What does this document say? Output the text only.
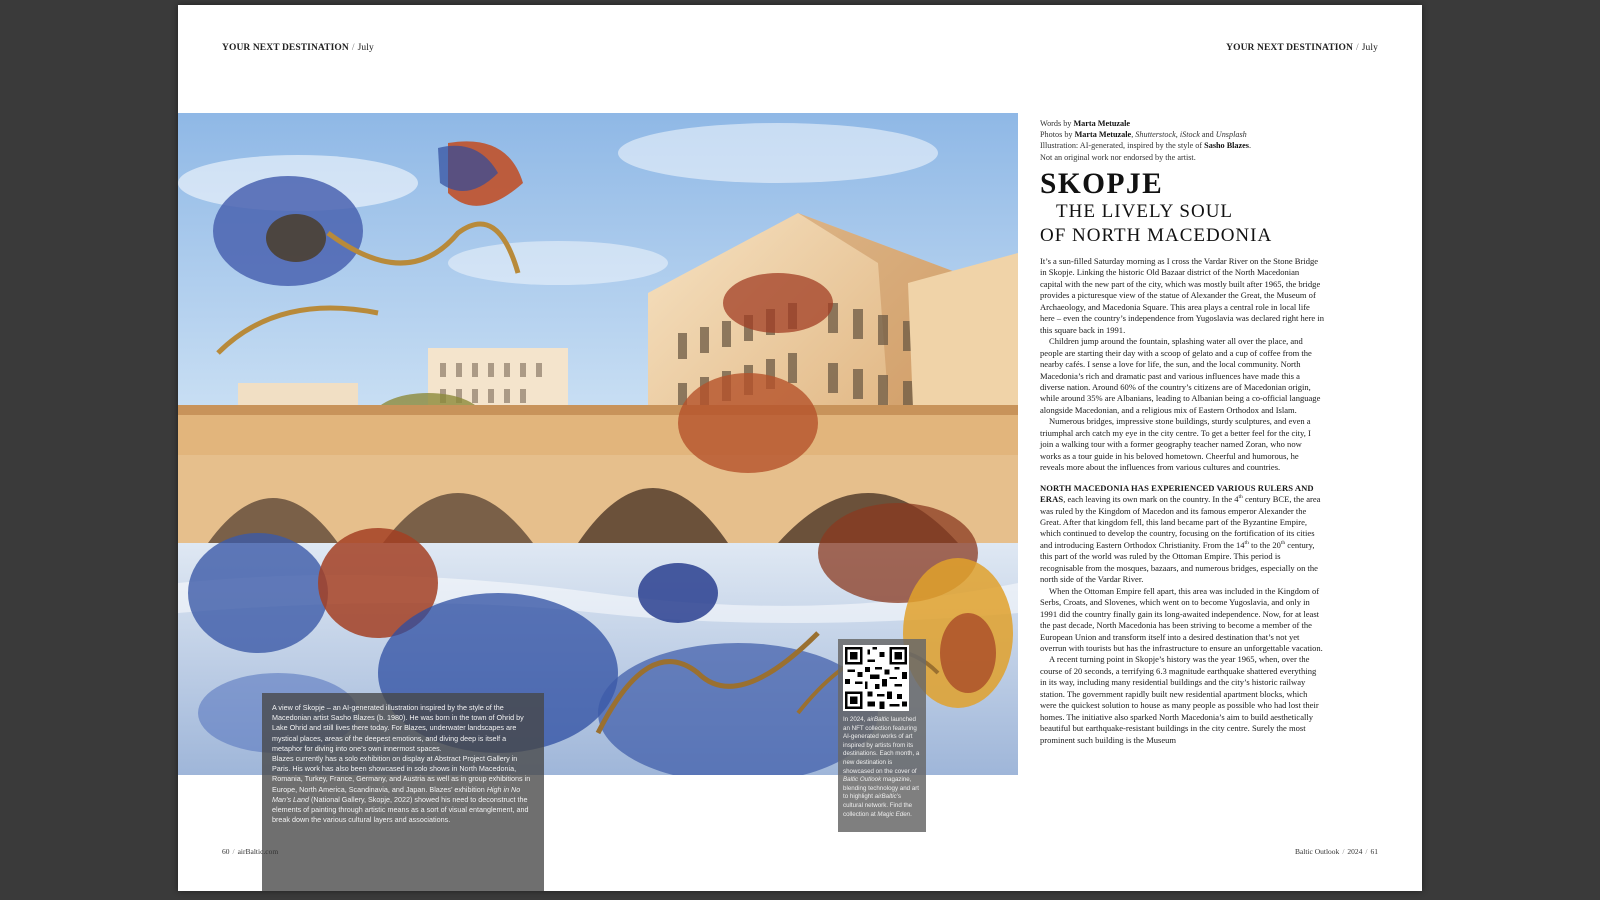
YOUR NEXT DESTINATION / July	YOUR NEXT DESTINATION / July

A view of Skopje – an AI-generated illustration inspired by the style of the Macedonian artist Sasho Blazes (b. 1980). He was born in the town of Ohrid by Lake Ohrid and still lives there today. For Blazes, underwater landscapes are mystical places, areas of the deepest emotions, and diving deep is itself a metaphor for diving into one’s own innermost spaces.

Blazes currently has a solo exhibition on display at Abstract Project Gallery in Paris. His work has also been showcased in solo shows in North Macedonia, Romania, Turkey, France, Germany, and Austria as well as in group exhibitions in Europe, North America, Scandinavia, and Japan. Blazes’ exhibition High in No Man’s Land (National Gallery, Skopje, 2022) showed his need to deconstruct the elements of painting through artistic means as a sort of visual entanglement, and break down the various cultural layers and associations.

In 2024, airBaltic launched an NFT collection featuring AI-generated works of art inspired by artists from its destinations. Each month, a new destination is showcased on the cover of Baltic Outlook magazine, blending technology and art to highlight airBaltic’s cultural network. Find the collection at Magic Eden.
60 / airBaltic.com	Baltic Outlook / 2024 / 61
Words by Marta Metuzale
Photos by Marta Metuzale, Shutterstock, iStock and Unsplash
Illustration: AI-generated, inspired by the style of Sasho Blazes.
Not an original work nor endorsed by the artist.
SKOPJE
THE LIVELY SOUL
OF NORTH MACEDONIA

It’s a sun-filled Saturday morning as I cross the Vardar River on the Stone Bridge in Skopje. Linking the historic Old Bazaar district of the North Macedonian capital with the new part of the city, which was mostly built after 1965, the bridge provides a picturesque view of the statue of Alexander the Great, the Museum of Archaeology, and Macedonia Square. This area plays a central role in local life here – even the country’s independence from Yugoslavia was declared right here in this square back in 1991.

Children jump around the fountain, splashing water all over the place, and people are starting their day with a scoop of gelato and a cup of coffee from the nearby cafés. I sense a love for life, the sun, and the local community. North Macedonia’s rich and dramatic past and various influences have made this a diverse nation. Around 60% of the country’s citizens are of Macedonian origin, while around 35% are Albanians, leading to Albanian being a co-official language alongside Macedonian, and a religious mix of Eastern Orthodox and Islam.

Numerous bridges, impressive stone buildings, sturdy sculptures, and even a triumphal arch catch my eye in the city centre. To get a better feel for the city, I join a walking tour with a former geography teacher named Zoran, who now works as a tour guide in his beloved hometown. Cheerful and humorous, he reveals more about the influences from various cultures and countries.

NORTH MACEDONIA HAS EXPERIENCED VARIOUS RULERS AND ERAS, each leaving its own mark on the country. In the 4th century BCE, the area was ruled by the Kingdom of Macedon and its famous emperor Alexander the Great. After that kingdom fell, this land became part of the Byzantine Empire, which continued to develop the country, focusing on the fortification of its cities and introducing Eastern Orthodox Christianity. From the 14th to the 20th century, this part of the world was ruled by the Ottoman Empire. This period is recognisable from the mosques, bazaars, and numerous bridges, especially on the north side of the Vardar River.

When the Ottoman Empire fell apart, this area was included in the Kingdom of Serbs, Croats, and Slovenes, which went on to become Yugoslavia, and only in 1991 did the country finally gain its long-awaited independence. Now, for at least the past decade, North Macedonia has been striving to become a member of the European Union and transform itself into a desired destination that’s not yet overrun with tourists but has the infrastructure to ensure an unforgettable vacation.

A recent turning point in Skopje’s history was the year 1965, when, over the course of 20 seconds, a terrifying 6.3 magnitude earthquake shattered everything in its way, including many residential buildings and the city’s historic railway station. The government rapidly built new residential apartment blocks, which were the quickest solution to house as many people as possible who had lost their homes. The initiative also sparked North Macedonia’s aim to build aesthetically beautiful but earthquake-resistant buildings in the city centre. Surely the most prominent such building is the Museum
